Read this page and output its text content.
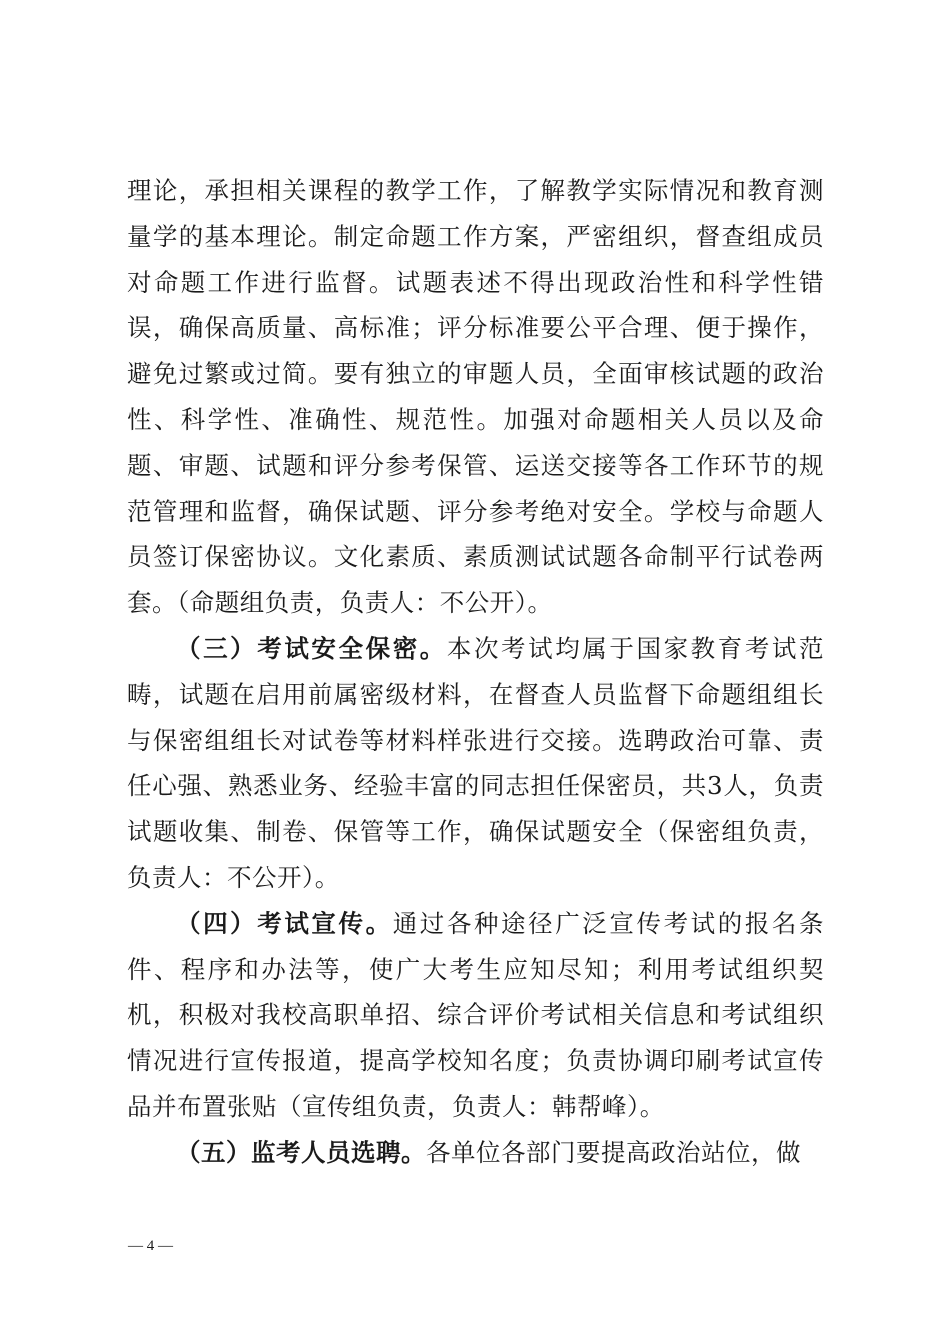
理论，承担相关课程的教学工作，了解教学实际情况和教育测量学的基本理论。制定命题工作方案，严密组织，督查组成员对命题工作进行监督。试题表述不得出现政治性和科学性错误，确保高质量、高标准；评分标准要公平合理、便于操作，避免过繁或过简。要有独立的审题人员，全面审核试题的政治性、科学性、准确性、规范性。加强对命题相关人员以及命题、审题、试题和评分参考保管、运送交接等各工作环节的规范管理和监督，确保试题、评分参考绝对安全。学校与命题人员签订保密协议。文化素质、素质测试试题各命制平行试卷两套。（命题组负责，负责人：不公开）。

（三）考试安全保密。本次考试均属于国家教育考试范畴，试题在启用前属密级材料，在督查人员监督下命题组组长与保密组组长对试卷等材料样张进行交接。选聘政治可靠、责任心强、熟悉业务、经验丰富的同志担任保密员，共3人，负责试题收集、制卷、保管等工作，确保试题安全（保密组负责，负责人：不公开）。

（四）考试宣传。通过各种途径广泛宣传考试的报名条件、程序和办法等，使广大考生应知尽知；利用考试组织契机，积极对我校高职单招、综合评价考试相关信息和考试组织情况进行宣传报道，提高学校知名度；负责协调印刷考试宣传品并布置张贴（宣传组负责，负责人：韩帮峰）。

（五）监考人员选聘。各单位各部门要提高政治站位，做

— 4 —
